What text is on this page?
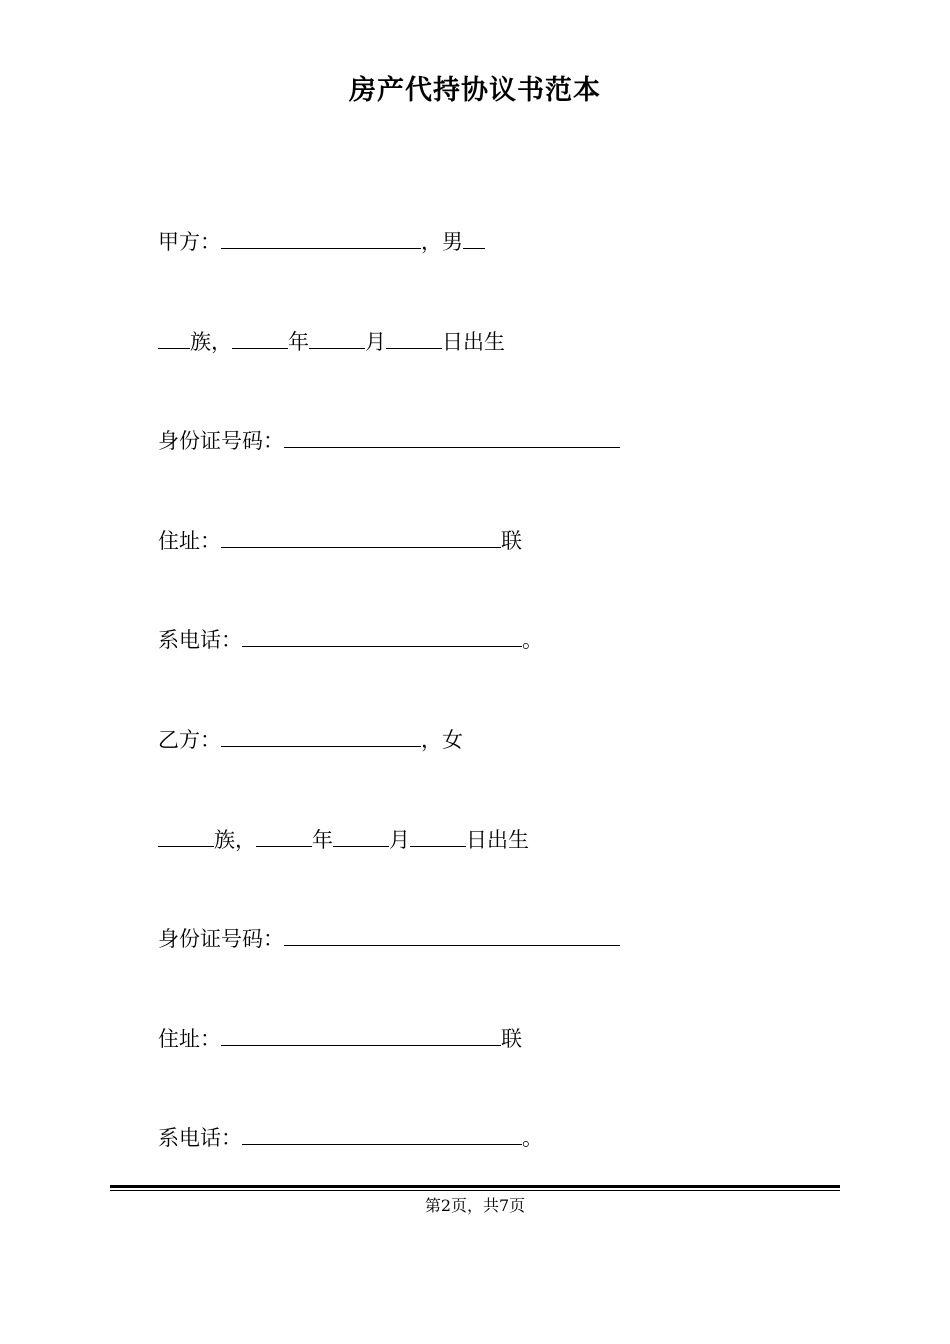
房产代持协议书范本
甲方：	，男
族，	年	月	日出生
身份证号码：
住址：	联
系电话：	。
乙方：	，女
族，	年	月	日出生
身份证号码：
住址：	联
系电话：	。
第2页，共7页
